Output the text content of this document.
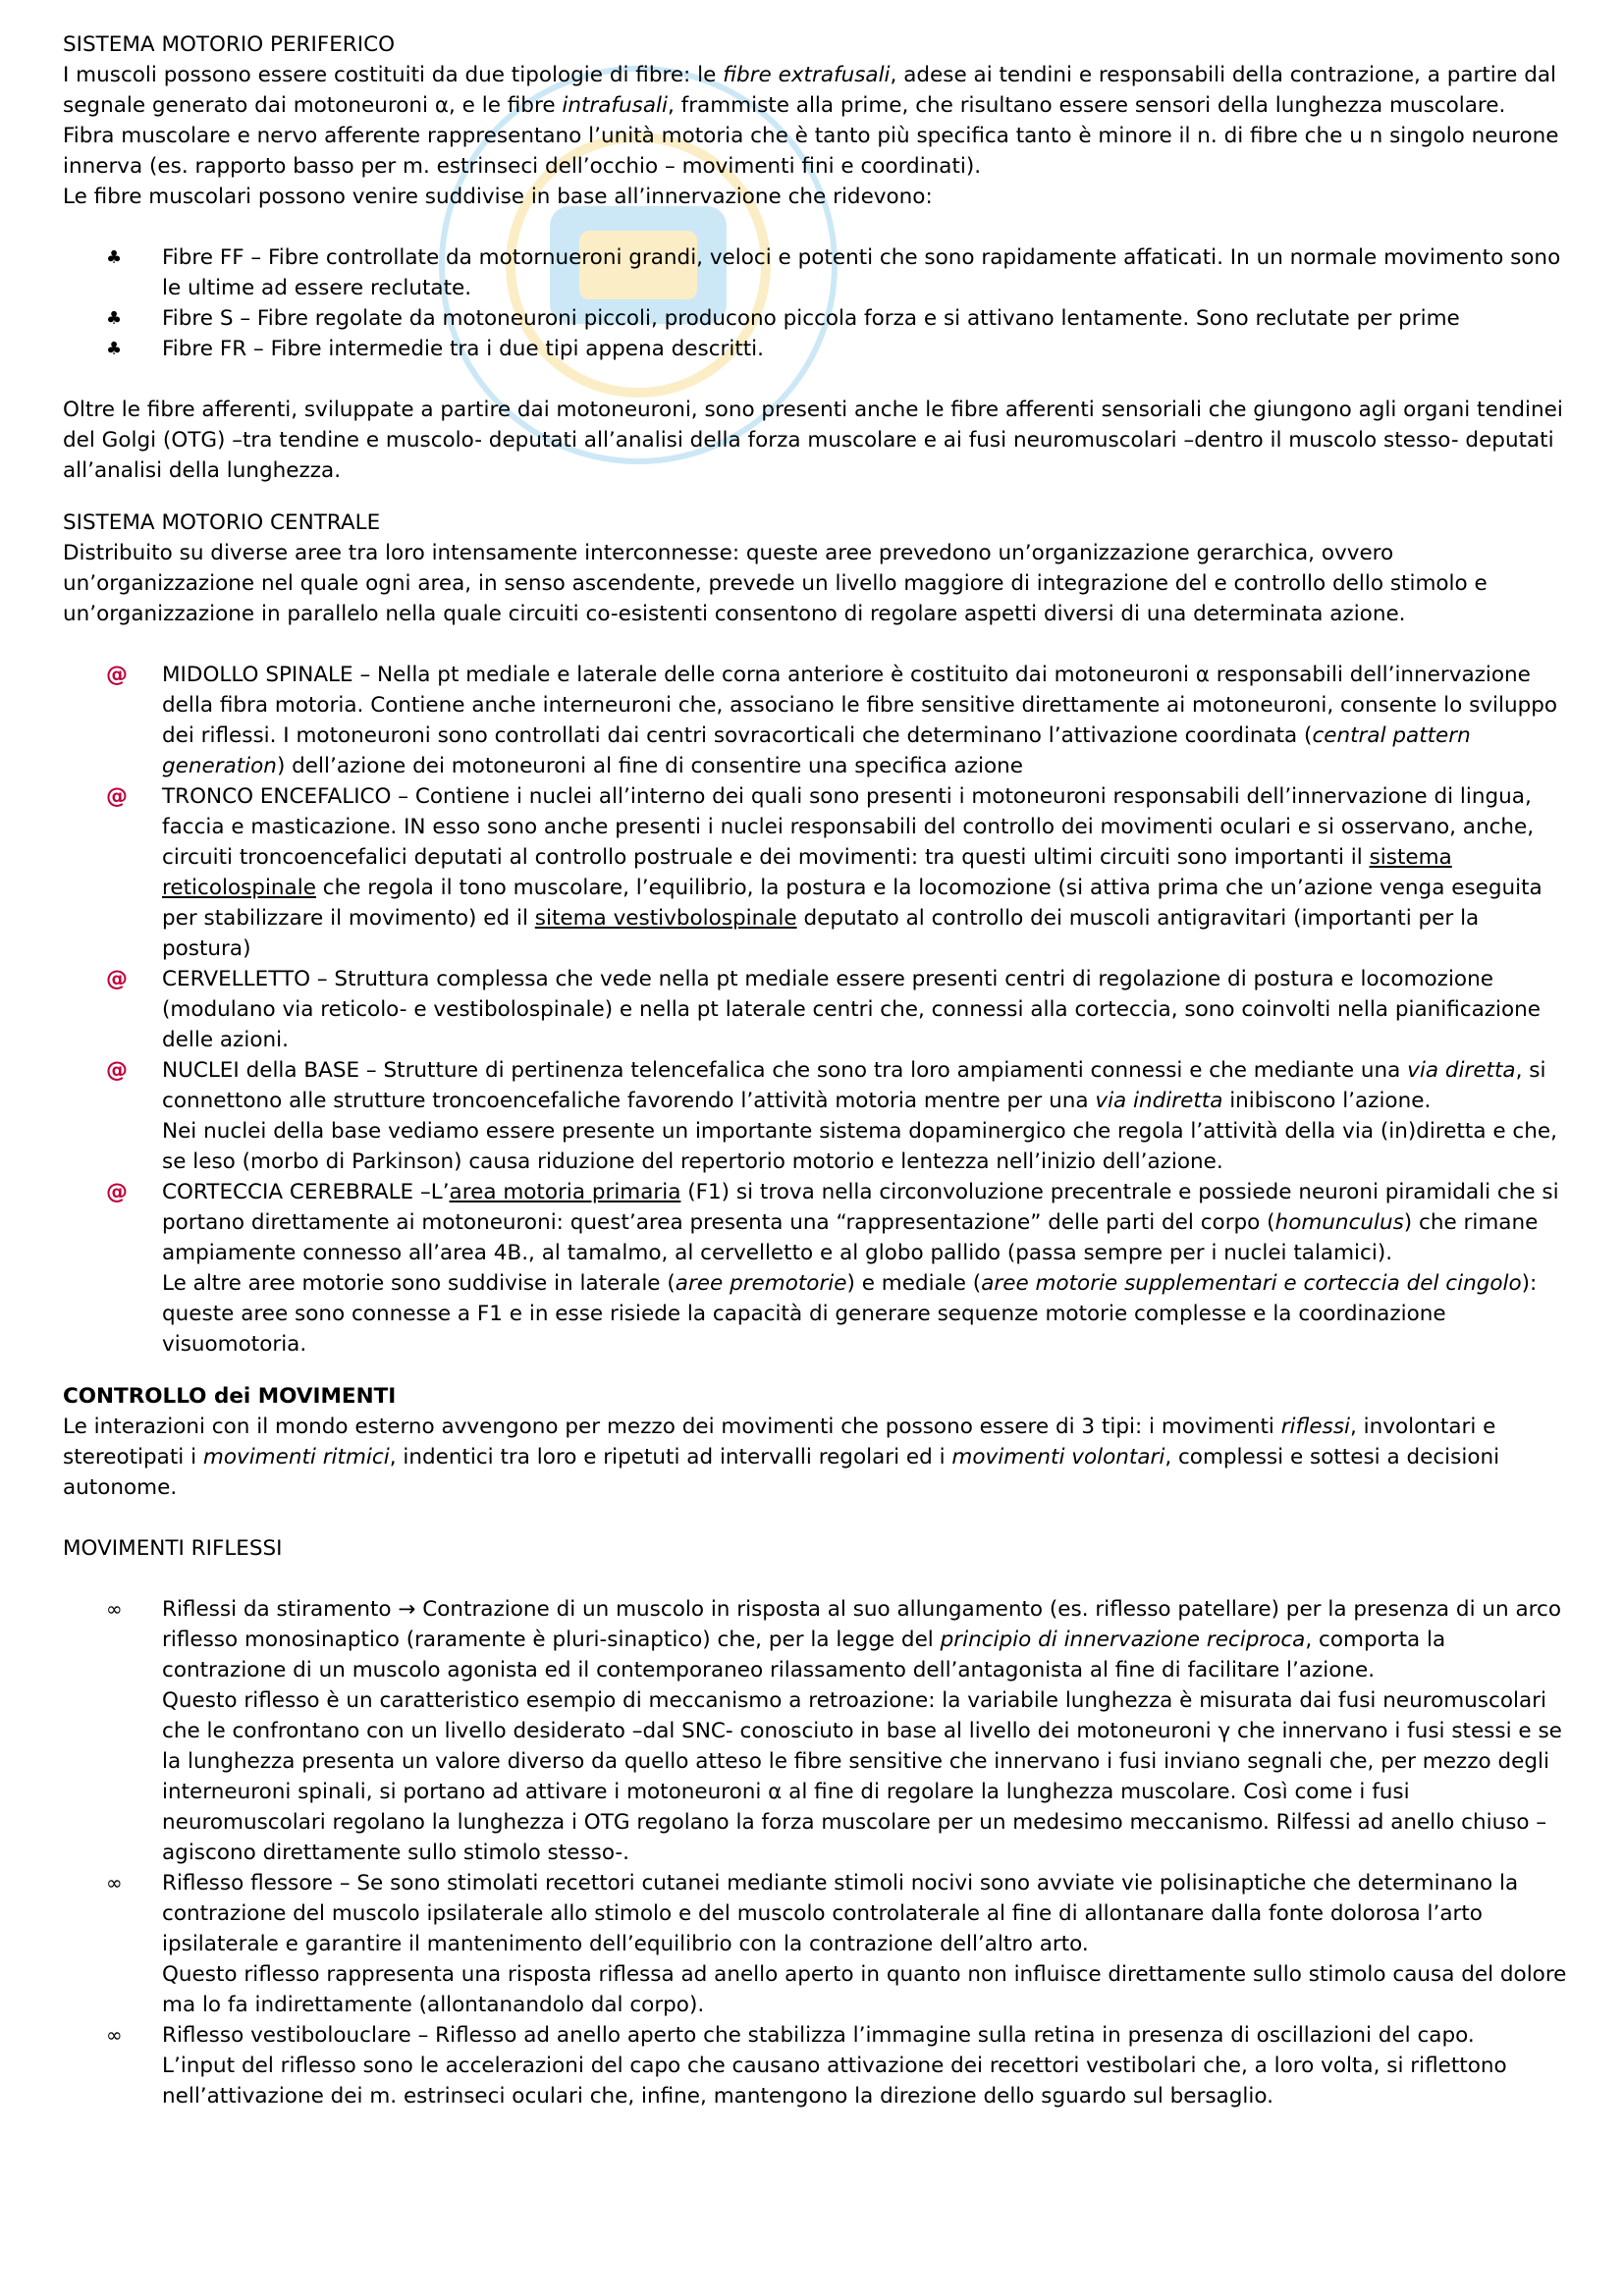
SISTEMA MOTORIO PERIFERICO

I muscoli possono essere costituiti da due tipologie di fibre: le fibre extrafusali, adese ai tendini e responsabili della contrazione, a partire dal segnale generato dai motoneuroni α, e le fibre intrafusali, frammiste alla prime, che risultano essere sensori della lunghezza muscolare.

Fibra muscolare e nervo afferente rappresentano l’unità motoria che è tanto più specifica tanto è minore il n. di fibre che u n singolo neurone innerva (es. rapporto basso per m. estrinseci dell’occhio – movimenti fini e coordinati).

Le fibre muscolari possono venire suddivise in base all’innervazione che ridevono:

♣	Fibre FF – Fibre controllate da motornueroni grandi, veloci e potenti che sono rapidamente affaticati. In un normale movimento sono le ultime ad essere reclutate.
♣	Fibre S – Fibre regolate da motoneuroni piccoli, producono piccola forza e si attivano lentamente. Sono reclutate per prime
♣	Fibre FR – Fibre intermedie tra i due tipi appena descritti.

Oltre le fibre afferenti, sviluppate a partire dai motoneuroni, sono presenti anche le fibre afferenti sensoriali che giungono agli organi tendinei del Golgi (OTG) –tra tendine e muscolo- deputati all’analisi della forza muscolare e ai fusi neuromuscolari –dentro il muscolo stesso- deputati all’analisi della lunghezza.

SISTEMA MOTORIO CENTRALE

Distribuito su diverse aree tra loro intensamente interconnesse: queste aree prevedono un’organizzazione gerarchica, ovvero un’organizzazione nel quale ogni area, in senso ascendente, prevede un livello maggiore di integrazione del e controllo dello stimolo e un’organizzazione in parallelo nella quale circuiti co-esistenti consentono di regolare aspetti diversi di una determinata azione.

@ MIDOLLO SPINALE – Nella pt mediale e laterale delle corna anteriore è costituito dai motoneuroni α responsabili dell’innervazione della fibra motoria. Contiene anche interneuroni che, associano le fibre sensitive direttamente ai motoneuroni, consente lo sviluppo dei riflessi. I motoneuroni sono controllati dai centri sovracorticali che determinano l’attivazione coordinata (central pattern generation) dell’azione dei motoneuroni al fine di consentire una specifica azione
@ TRONCO ENCEFALICO – Contiene i nuclei all’interno dei quali sono presenti i motoneuroni responsabili dell’innervazione di lingua, faccia e masticazione. IN esso sono anche presenti i nuclei responsabili del controllo dei movimenti oculari e si osservano, anche, circuiti troncoencefalici deputati al controllo postruale e dei movimenti: tra questi ultimi circuiti sono importanti il sistema reticolospinale che regola il tono muscolare, l’equilibrio, la postura e la locomozione (si attiva prima che un’azione venga eseguita per stabilizzare il movimento) ed il sitema vestivbolospinale deputato al controllo dei muscoli antigravitari (importanti per la postura)
@ CERVELLETTO – Struttura complessa che vede nella pt mediale essere presenti centri di regolazione di postura e locomozione (modulano via reticolo- e vestibolospinale) e nella pt laterale centri che, connessi alla corteccia, sono coinvolti nella pianificazione delle azioni.
@ NUCLEI della BASE – Strutture di pertinenza telencefalica che sono tra loro ampiamenti connessi e che mediante una via diretta, si connettono alle strutture troncoencefaliche favorendo l’attività motoria mentre per una via indiretta inibiscono l’azione.
Nei nuclei della base vediamo essere presente un importante sistema dopaminergico che regola l’attività della via (in)diretta e che, se leso (morbo di Parkinson) causa riduzione del repertorio motorio e lentezza nell’inizio dell’azione.
@ CORTECCIA CEREBRALE –L’area motoria primaria (F1) si trova nella circonvoluzione precentrale e possiede neuroni piramidali che si portano direttamente ai motoneuroni: quest’area presenta una “rappresentazione” delle parti del corpo (homunculus) che rimane ampiamente connesso all’area 4B., al tamalmo, al cervelletto e al globo pallido (passa sempre per i nuclei talamici).
Le altre aree motorie sono suddivise in laterale (aree premotorie) e mediale (aree motorie supplementari e corteccia del cingolo): queste aree sono connesse a F1 e in esse risiede la capacità di generare sequenze motorie complesse e la coordinazione visuomotoria.

CONTROLLO dei MOVIMENTI

Le interazioni con il mondo esterno avvengono per mezzo dei movimenti che possono essere di 3 tipi: i movimenti riflessi, involontari e stereotipati i movimenti ritmici, indentici tra loro e ripetuti ad intervalli regolari ed i movimenti volontari, complessi e sottesi a decisioni autonome.

MOVIMENTI RIFLESSI

∞	Riflessi da stiramento → Contrazione di un muscolo in risposta al suo allungamento (es. riflesso patellare) per la presenza di un arco riflesso monosinaptico (raramente è pluri-sinaptico) che, per la legge del principio di innervazione reciproca, comporta la contrazione di un muscolo agonista ed il contemporaneo rilassamento dell’antagonista al fine di facilitare l’azione.
Questo riflesso è un caratteristico esempio di meccanismo a retroazione: la variabile lunghezza è misurata dai fusi neuromuscolari che le confrontano con un livello desiderato –dal SNC- conosciuto in base al livello dei motoneuroni γ che innervano i fusi stessi e se la lunghezza presenta un valore diverso da quello atteso le fibre sensitive che innervano i fusi inviano segnali che, per mezzo degli interneuroni spinali, si portano ad attivare i motoneuroni α al fine di regolare la lunghezza muscolare. Così come i fusi neuromuscolari regolano la lunghezza i OTG regolano la forza muscolare per un medesimo meccanismo. Rilfessi ad anello chiuso –agiscono direttamente sullo stimolo stesso-.
∞	Riflesso flessore – Se sono stimolati recettori cutanei mediante stimoli nocivi sono avviate vie polisinaptiche che determinano la contrazione del muscolo ipsilaterale allo stimolo e del muscolo controlaterale al fine di allontanare dalla fonte dolorosa l’arto ipsilaterale e garantire il mantenimento dell’equilibrio con la contrazione dell’altro arto.
Questo riflesso rappresenta una risposta riflessa ad anello aperto in quanto non influisce direttamente sullo stimolo causa del dolore ma lo fa indirettamente (allontanandolo dal corpo).
∞	Riflesso vestibolouclare – Riflesso ad anello aperto che stabilizza l’immagine sulla retina in presenza di oscillazioni del capo.
L’input del riflesso sono le accelerazioni del capo che causano attivazione dei recettori vestibolari che, a loro volta, si riflettono nell’attivazione dei m. estrinseci oculari che, infine, mantengono la direzione dello sguardo sul bersaglio.
